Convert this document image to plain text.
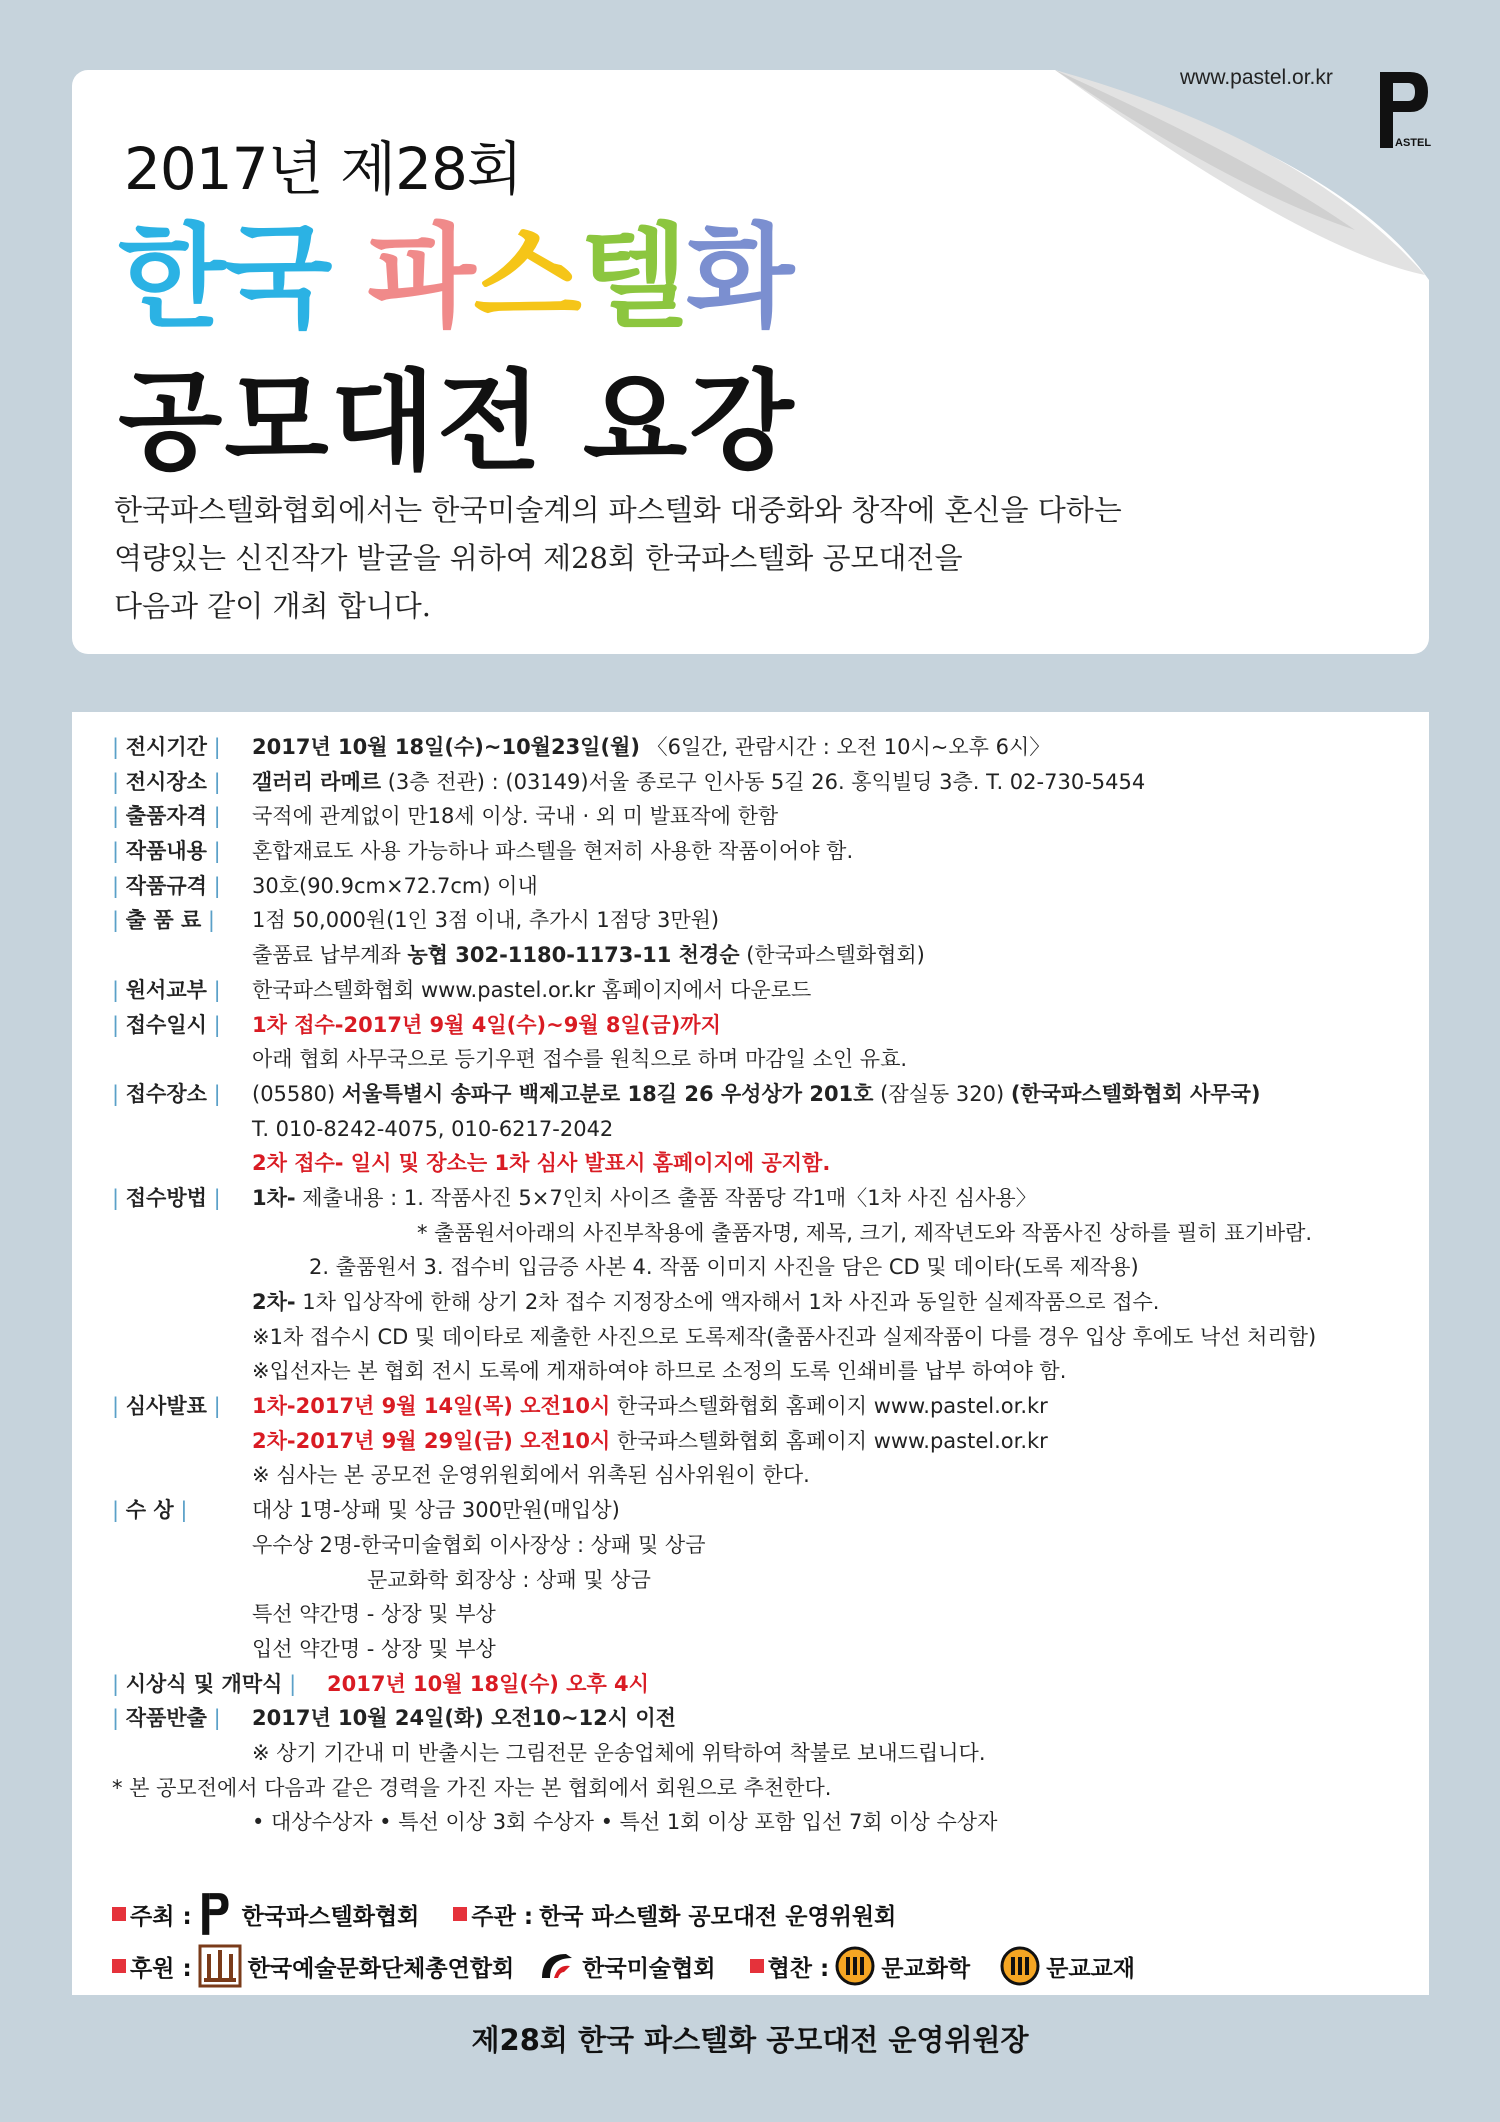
www.pastel.or.kr
ASTEL
2017년 제28회
한국 파스텔화
공모대전 요강
한국파스텔화협회에서는 한국미술계의 파스텔화 대중화와 창작에 혼신을 다하는
역량있는 신진작가 발굴을 위하여 제28회 한국파스텔화 공모대전을
다음과 같이 개최 합니다.
| 전시기간 | 2017년 10월 18일(수)~10월23일(월) 〈6일간, 관람시간 : 오전 10시~오후 6시〉
| 전시장소 | 갤러리 라메르 (3층 전관) : (03149)서울 종로구 인사동 5길 26. 홍익빌딩 3층. T. 02-730-5454
| 출품자격 | 국적에 관계없이 만18세 이상. 국내 · 외 미 발표작에 한함
| 작품내용 | 혼합재료도 사용 가능하나 파스텔을 현저히 사용한 작품이어야 함.
| 작품규격 | 30호(90.9cm×72.7cm) 이내
| 출 품 료 | 1점 50,000원(1인 3점 이내, 추가시 1점당 3만원)
출품료 납부계좌 농협 302-1180-1173-11 천경순 (한국파스텔화협회)
| 원서교부 | 한국파스텔화협회 www.pastel.or.kr 홈페이지에서 다운로드
| 접수일시 | 1차 접수-2017년 9월 4일(수)~9월 8일(금)까지
아래 협회 사무국으로 등기우편 접수를 원칙으로 하며 마감일 소인 유효.
| 접수장소 | (05580) 서울특별시 송파구 백제고분로 18길 26 우성상가 201호 (잠실동 320) (한국파스텔화협회 사무국)
T. 010-8242-4075, 010-6217-2042
2차 접수- 일시 및 장소는 1차 심사 발표시 홈페이지에 공지함.
| 접수방법 | 1차- 제출내용 : 1. 작품사진 5×7인치 사이즈 출품 작품당 각1매〈1차 사진 심사용〉
* 출품원서아래의 사진부착용에 출품자명, 제목, 크기, 제작년도와 작품사진 상하를 필히 표기바람.
2. 출품원서 3. 접수비 입금증 사본 4. 작품 이미지 사진을 담은 CD 및 데이타(도록 제작용)
2차- 1차 입상작에 한해 상기 2차 접수 지정장소에 액자해서 1차 사진과 동일한 실제작품으로 접수.
※1차 접수시 CD 및 데이타로 제출한 사진으로 도록제작(출품사진과 실제작품이 다를 경우 입상 후에도 낙선 처리함)
※입선자는 본 협회 전시 도록에 게재하여야 하므로 소정의 도록 인쇄비를 납부 하여야 함.
| 심사발표 | 1차-2017년 9월 14일(목) 오전10시 한국파스텔화협회 홈페이지 www.pastel.or.kr
2차-2017년 9월 29일(금) 오전10시 한국파스텔화협회 홈페이지 www.pastel.or.kr
※ 심사는 본 공모전 운영위원회에서 위촉된 심사위원이 한다.
| 수 상 |	대상 1명-상패 및 상금 300만원(매입상)
우수상 2명-한국미술협회 이사장상 : 상패 및 상금
문교화학 회장상 : 상패 및 상금
특선 약간명 - 상장 및 부상
입선 약간명 - 상장 및 부상
| 시상식 및 개막식 | 2017년 10월 18일(수) 오후 4시
| 작품반출 | 2017년 10월 24일(화) 오전10~12시 이전
※ 상기 기간내 미 반출시는 그림전문 운송업체에 위탁하여 착불로 보내드립니다.
* 본 공모전에서 다음과 같은 경력을 가진 자는 본 협회에서 회원으로 추천한다.
• 대상수상자 • 특선 이상 3회 수상자 • 특선 1회 이상 포함 입선 7회 이상 수상자
주최 : 한국파스텔화협회 주관 : 한국 파스텔화 공모대전 운영위원회
후원 : 한국예술문화단체총연합회	한국미술협회 협찬 : 문교화학	문교교재
제28회 한국 파스텔화 공모대전 운영위원장
